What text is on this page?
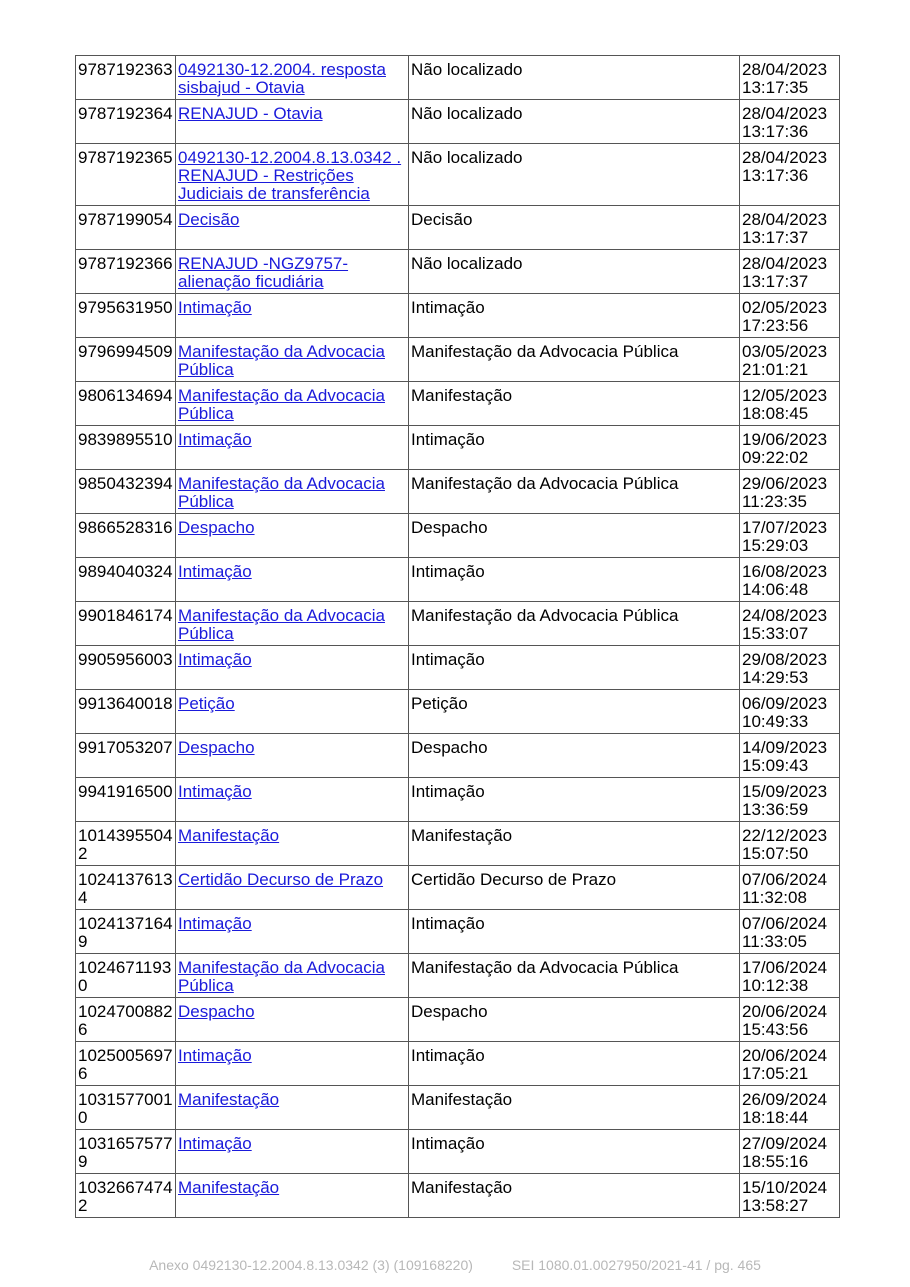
9787192363	0492130-12.2004. resposta sisbajud - Otavia	Não localizado	28/04/2023 13:17:35
9787192364	RENAJUD - Otavia	Não localizado	28/04/2023 13:17:36
9787192365	0492130-12.2004.8.13.0342 . RENAJUD - Restrições Judiciais de transferência	Não localizado	28/04/2023 13:17:36
9787199054	Decisão	Decisão	28/04/2023 13:17:37
9787192366	RENAJUD -NGZ9757- alienação ficudiária	Não localizado	28/04/2023 13:17:37
9795631950	Intimação	Intimação	02/05/2023 17:23:56
9796994509	Manifestação da Advocacia Pública	Manifestação da Advocacia Pública	03/05/2023 21:01:21
9806134694	Manifestação da Advocacia Pública	Manifestação	12/05/2023 18:08:45
9839895510	Intimação	Intimação	19/06/2023 09:22:02
9850432394	Manifestação da Advocacia Pública	Manifestação da Advocacia Pública	29/06/2023 11:23:35
9866528316	Despacho	Despacho	17/07/2023 15:29:03
9894040324	Intimação	Intimação	16/08/2023 14:06:48
9901846174	Manifestação da Advocacia Pública	Manifestação da Advocacia Pública	24/08/2023 15:33:07
9905956003	Intimação	Intimação	29/08/2023 14:29:53
9913640018	Petição	Petição	06/09/2023 10:49:33
9917053207	Despacho	Despacho	14/09/2023 15:09:43
9941916500	Intimação	Intimação	15/09/2023 13:36:59
10143955042	Manifestação	Manifestação	22/12/2023 15:07:50
10241376134	Certidão Decurso de Prazo	Certidão Decurso de Prazo	07/06/2024 11:32:08
10241371649	Intimação	Intimação	07/06/2024 11:33:05
10246711930	Manifestação da Advocacia Pública	Manifestação da Advocacia Pública	17/06/2024 10:12:38
10247008826	Despacho	Despacho	20/06/2024 15:43:56
10250056976	Intimação	Intimação	20/06/2024 17:05:21
10315770010	Manifestação	Manifestação	26/09/2024 18:18:44
10316575779	Intimação	Intimação	27/09/2024 18:55:16
10326674742	Manifestação	Manifestação	15/10/2024 13:58:27
Anexo 0492130-12.2004.8.13.0342 (3) (109168220)	SEI 1080.01.0027950/2021-41 / pg. 465
